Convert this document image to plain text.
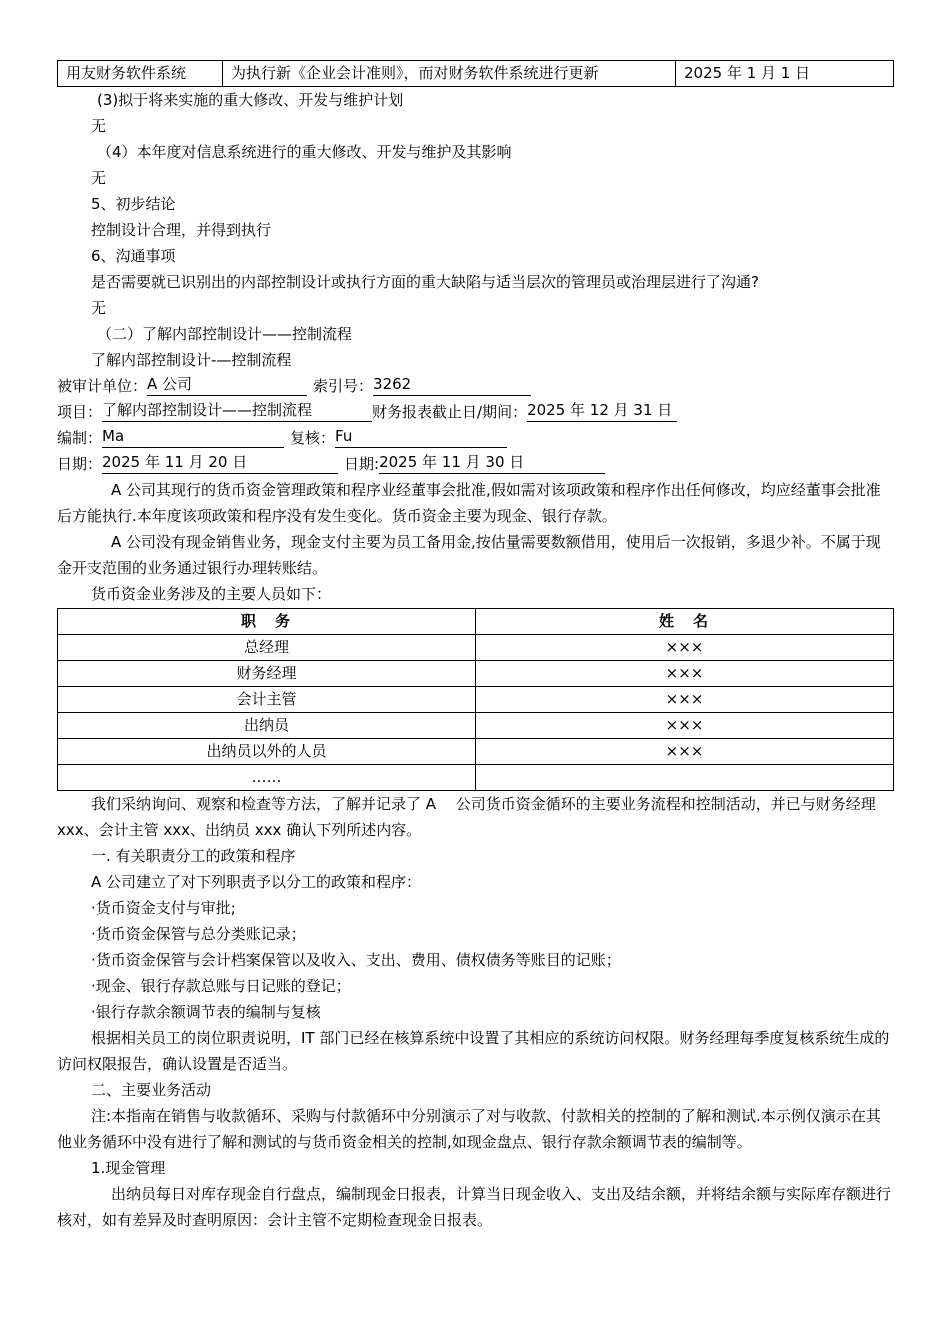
用友财务软件系统	为执行新《企业会计准则》，而对财务软件系统进行更新	2025 年 1 月 1 日

(3)拟于将来实施的重大修改、开发与维护计划

无

（4）本年度对信息系统进行的重大修改、开发与维护及其影响

无

5、初步结论

控制设计合理，并得到执行

6、沟通事项

是否需要就已识别出的内部控制设计或执行方面的重大缺陷与适当层次的管理员或治理层进行了沟通?

无

（二）了解内部控制设计——控制流程

了解内部控制设计-—控制流程

被审计单位：A 公司	索引号：3262

项目：了解内部控制设计——控制流程	财务报表截止日/期间：2025 年 12 月 31 日

编制：Ma	复核：Fu

日期：2025 年 11 月 20 日	日期:2025 年 11 月 30 日

A 公司其现行的货币资金管理政策和程序业经董事会批准,假如需对该项政策和程序作出任何修改，均应经董事会批准后方能执行.本年度该项政策和程序没有发生变化。货币资金主要为现金、银行存款。

A 公司没有现金销售业务，现金支付主要为员工备用金,按估量需要数额借用，使用后一次报销，多退少补。不属于现金开支范围的业务通过银行办理转账结。

货币资金业务涉及的主要人员如下：

职　务	姓　名
总经理	×××
财务经理	×××
会计主管	×××
出纳员	×××
出纳员以外的人员	×××
……	

我们采纳询问、观察和检查等方法，了解并记录了 A　 公司货币资金循环的主要业务流程和控制活动，并已与财务经理 xxx、会计主管 xxx、出纳员 xxx 确认下列所述内容。

一. 有关职责分工的政策和程序

A 公司建立了对下列职责予以分工的政策和程序：

·货币资金支付与审批;

·货币资金保管与总分类账记录；

·货币资金保管与会计档案保管以及收入、支出、费用、债权债务等账目的记账；

·现金、银行存款总账与日记账的登记；

·银行存款余额调节表的编制与复核

根据相关员工的岗位职责说明，IT 部门已经在核算系统中设置了其相应的系统访问权限。财务经理每季度复核系统生成的访问权限报告，确认设置是否适当。

二、主要业务活动

注:本指南在销售与收款循环、采购与付款循环中分别演示了对与收款、付款相关的控制的了解和测试.本示例仅演示在其他业务循环中没有进行了解和测试的与货币资金相关的控制,如现金盘点、银行存款余额调节表的编制等。

1.现金管理

出纳员每日对库存现金自行盘点，编制现金日报表，计算当日现金收入、支出及结余额，并将结余额与实际库存额进行核对，如有差异及时查明原因：会计主管不定期检查现金日报表。
